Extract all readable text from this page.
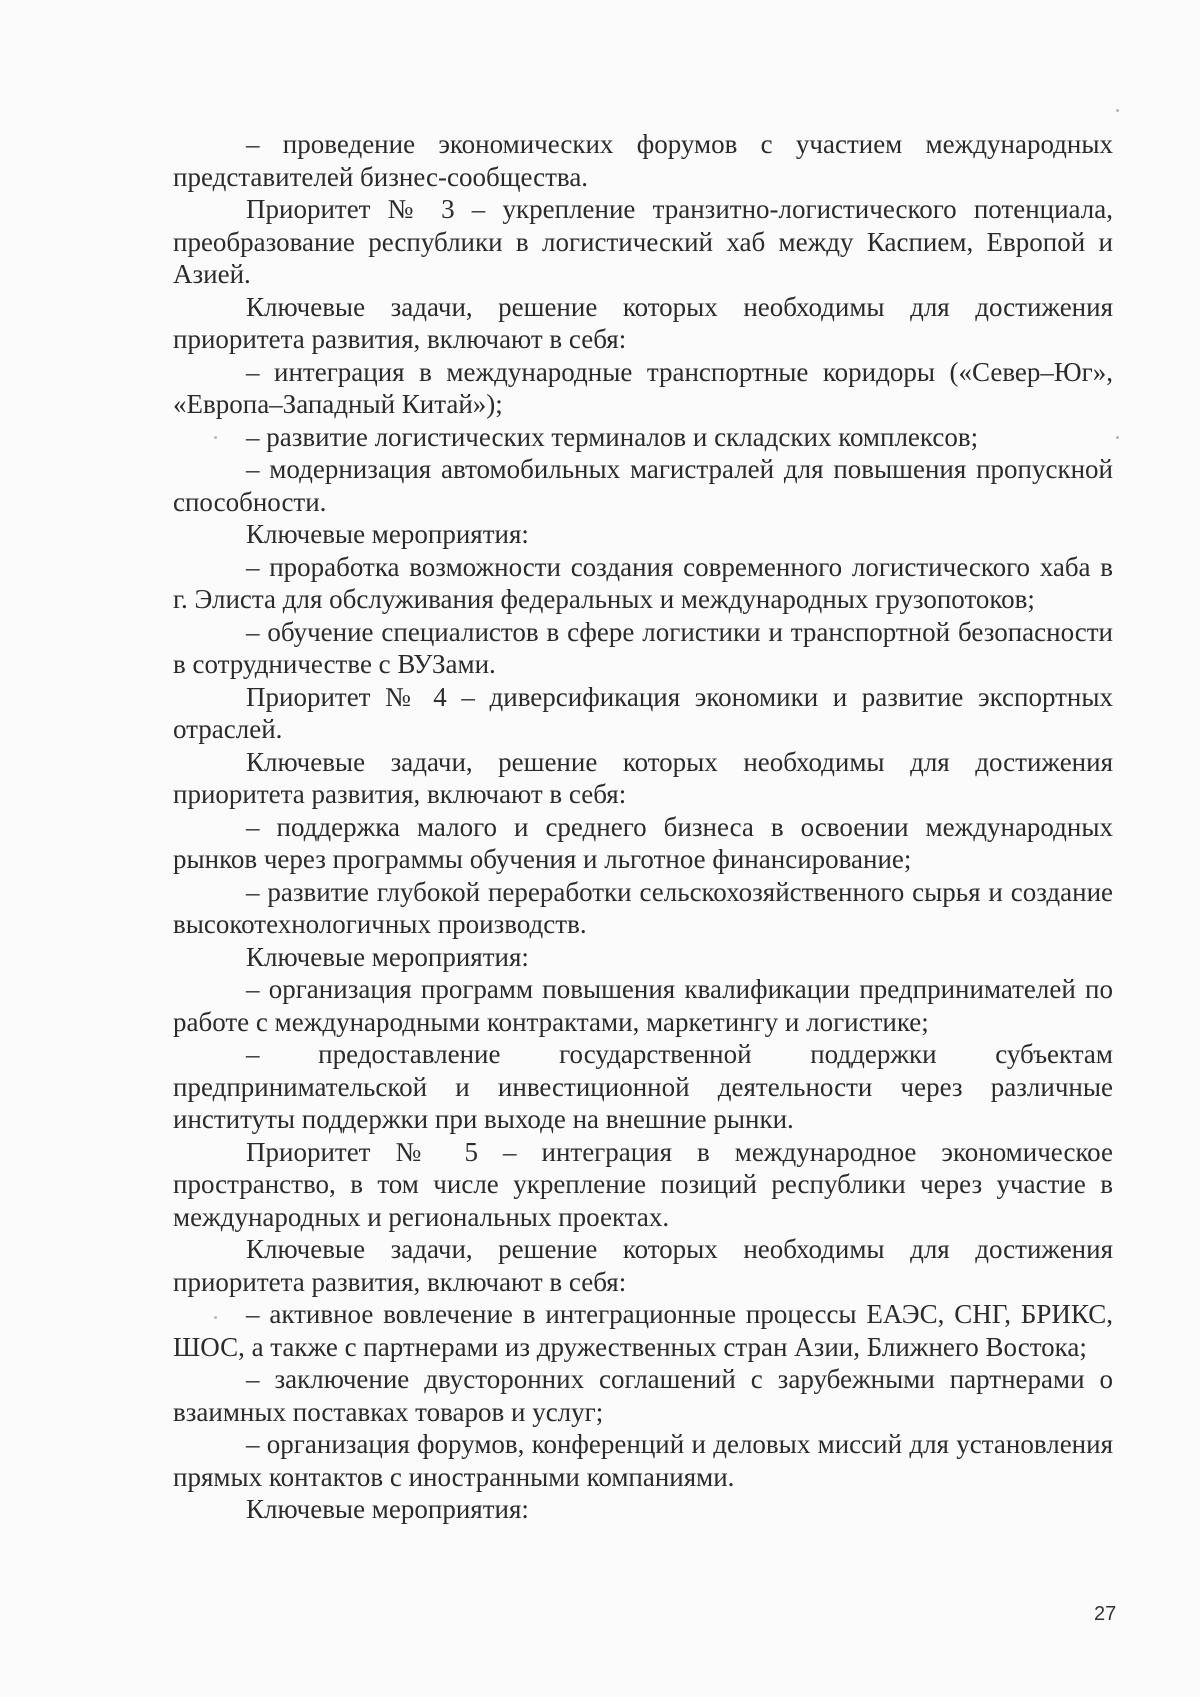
– проведение экономических форумов с участием международных представителей бизнес-сообщества.

Приоритет № 3 – укрепление транзитно-логистического потенциала, преобразование республики в логистический хаб между Каспием, Европой и Азией.

Ключевые задачи, решение которых необходимы для достижения приоритета развития, включают в себя:

– интеграция в международные транспортные коридоры («Север–Юг», «Европа–Западный Китай»);

– развитие логистических терминалов и складских комплексов;

– модернизация автомобильных магистралей для повышения пропускной способности.

Ключевые мероприятия:

– проработка возможности создания современного логистического хаба в г. Элиста для обслуживания федеральных и международных грузопотоков;

– обучение специалистов в сфере логистики и транспортной безопасности в сотрудничестве с ВУЗами.

Приоритет № 4 – диверсификация экономики и развитие экспортных отраслей.

Ключевые задачи, решение которых необходимы для достижения приоритета развития, включают в себя:

– поддержка малого и среднего бизнеса в освоении международных рынков через программы обучения и льготное финансирование;

– развитие глубокой переработки сельскохозяйственного сырья и создание высокотехнологичных производств.

Ключевые мероприятия:

– организация программ повышения квалификации предпринимателей по работе с международными контрактами, маркетингу и логистике;

– предоставление государственной поддержки субъектам предпринимательской и инвестиционной деятельности через различные институты поддержки при выходе на внешние рынки.

Приоритет № 5 – интеграция в международное экономическое пространство, в том числе укрепление позиций республики через участие в международных и региональных проектах.

Ключевые задачи, решение которых необходимы для достижения приоритета развития, включают в себя:

– активное вовлечение в интеграционные процессы ЕАЭС, СНГ, БРИКС, ШОС, а также с партнерами из дружественных стран Азии, Ближнего Востока;

– заключение двусторонних соглашений с зарубежными партнерами о взаимных поставках товаров и услуг;

– организация форумов, конференций и деловых миссий для установления прямых контактов с иностранными компаниями.

Ключевые мероприятия:

27
